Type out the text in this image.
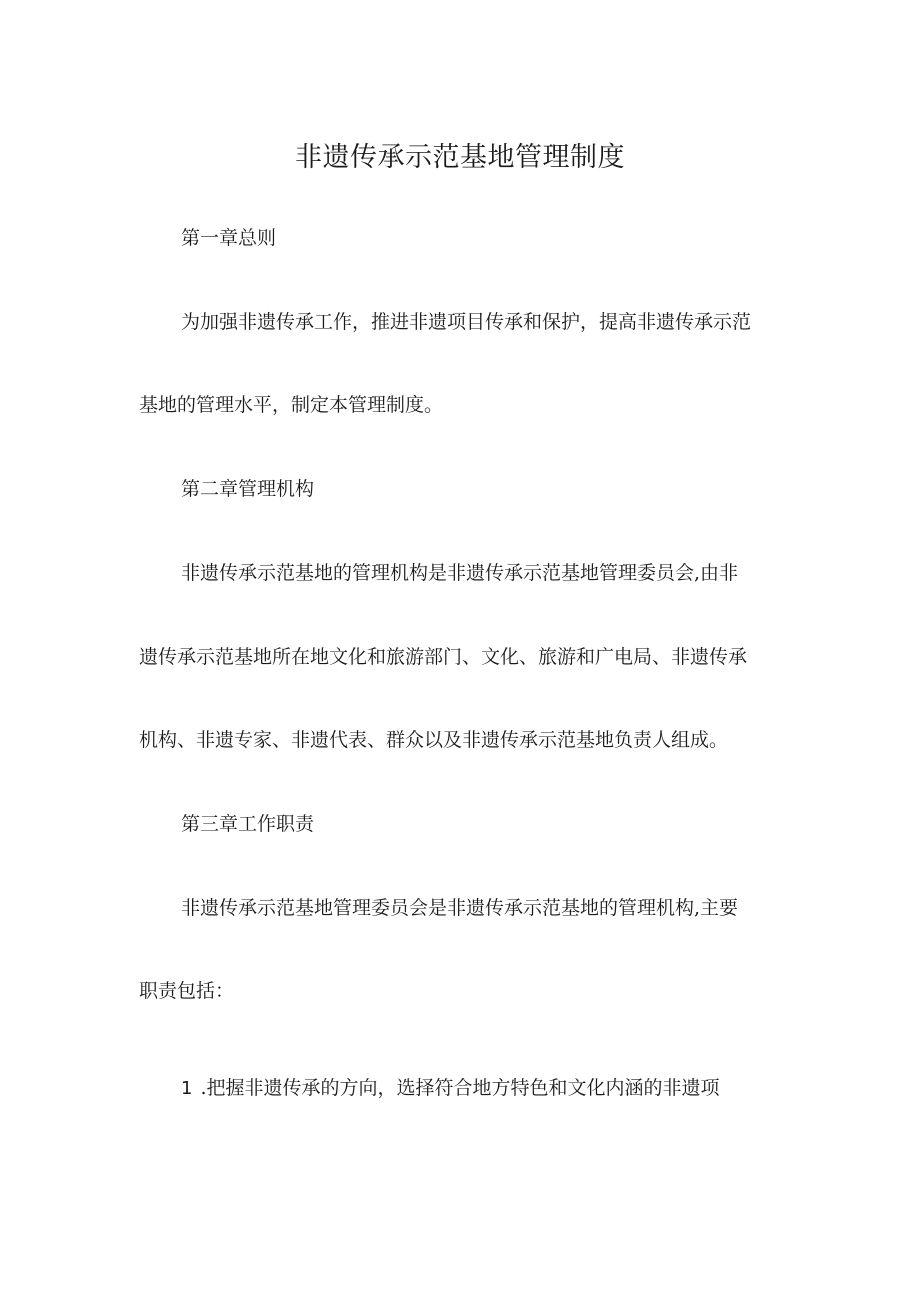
非遗传承示范基地管理制度
第一章总则
为加强非遗传承工作，推进非遗项目传承和保护，提高非遗传承示范
基地的管理水平，制定本管理制度。
第二章管理机构
非遗传承示范基地的管理机构是非遗传承示范基地管理委员会,由非
遗传承示范基地所在地文化和旅游部门、文化、旅游和广电局、非遗传承
机构、非遗专家、非遗代表、群众以及非遗传承示范基地负责人组成。
第三章工作职责
非遗传承示范基地管理委员会是非遗传承示范基地的管理机构,主要
职责包括：
1 .把握非遗传承的方向，选择符合地方特色和文化内涵的非遗项
